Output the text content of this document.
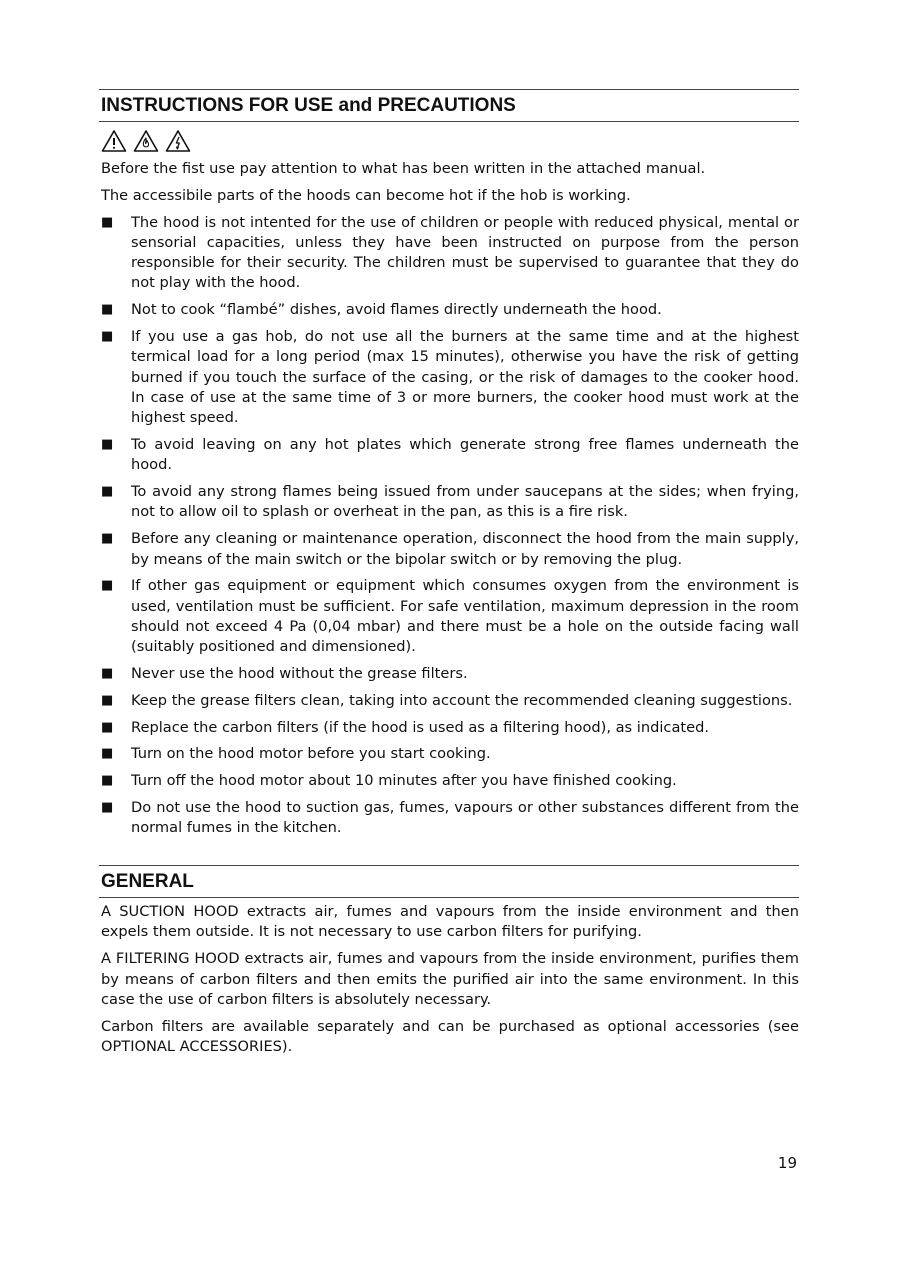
INSTRUCTIONS FOR USE and PRECAUTIONS

Before the fist use pay attention to what has been written in the attached manual.

The accessibile parts of the hoods can become hot if the hob is working.

■	The hood is not intented for the use of children or people with reduced physical, mental or sensorial capacities, unless they have been instructed on purpose from the person responsible for their security. The children must be supervised to guarantee that they do not play with the hood.
■	Not to cook “flambé” dishes, avoid flames directly underneath the hood.
■	If you use a gas hob, do not use all the burners at the same time and at the highest termical load for a long period (max 15 minutes), otherwise you have the risk of getting burned if you touch the surface of the casing, or the risk of damages to the cooker hood. In case of use at the same time of 3 or more burners, the cooker hood must work at the highest speed.
■	To avoid leaving on any hot plates which generate strong free flames underneath the hood.
■	To avoid any strong flames being issued from under saucepans at the sides; when frying, not to allow oil to splash or overheat in the pan, as this is a fire risk.
■	Before any cleaning or maintenance operation, disconnect the hood from the main supply, by means of the main switch or the bipolar switch or by removing the plug.
■	If other gas equipment or equipment which consumes oxygen from the environment is used, ventilation must be sufficient. For safe ventilation, maximum depression in the room should not exceed 4 Pa (0,04 mbar) and there must be a hole on the outside facing wall (suitably positioned and dimensioned).
■	Never use the hood without the grease filters.
■	Keep the grease filters clean, taking into account the recommended cleaning suggestions.
■	Replace the carbon filters (if the hood is used as a filtering hood), as indicated.
■	Turn on the hood motor before you start cooking.
■	Turn off the hood motor about 10 minutes after you have finished cooking.
■	Do not use the hood to suction gas, fumes, vapours or other substances different from the normal fumes in the kitchen.
GENERAL

A SUCTION HOOD extracts air, fumes and vapours from the inside environment and then expels them outside. It is not necessary to use carbon filters for purifying.

A FILTERING HOOD extracts air, fumes and vapours from the inside environment, purifies them by means of carbon filters and then emits the purified air into the same environment. In this case the use of carbon filters is absolutely necessary.

Carbon filters are available separately and can be purchased as optional accessories (see OPTIONAL ACCESSORIES).

19
